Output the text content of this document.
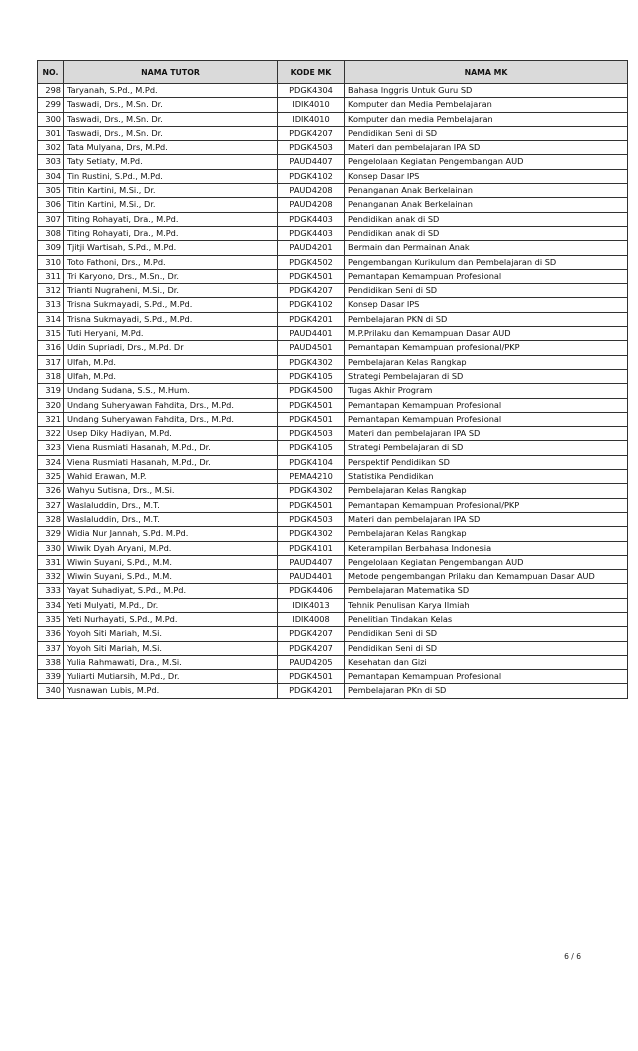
NO.	NAMA TUTOR	KODE MK	NAMA MK
298	Taryanah, S.Pd., M.Pd.	PDGK4304	Bahasa Inggris Untuk Guru SD
299	Taswadi, Drs., M.Sn. Dr.	IDIK4010	Komputer dan Media Pembelajaran
300	Taswadi, Drs., M.Sn. Dr.	IDIK4010	Komputer dan media Pembelajaran
301	Taswadi, Drs., M.Sn. Dr.	PDGK4207	Pendidikan Seni di SD
302	Tata Mulyana, Drs, M.Pd.	PDGK4503	Materi dan pembelajaran IPA SD
303	Taty Setiaty, M.Pd.	PAUD4407	Pengelolaan Kegiatan Pengembangan AUD
304	Tin Rustini, S.Pd., M.Pd.	PDGK4102	Konsep Dasar IPS
305	Titin Kartini, M.Si., Dr.	PAUD4208	Penanganan Anak Berkelainan
306	Titin Kartini, M.Si., Dr.	PAUD4208	Penanganan Anak Berkelainan
307	Titing Rohayati, Dra., M.Pd.	PDGK4403	Pendidikan anak di SD
308	Titing Rohayati, Dra., M.Pd.	PDGK4403	Pendidikan anak di SD
309	Tjitji Wartisah, S.Pd., M.Pd.	PAUD4201	Bermain dan Permainan Anak
310	Toto Fathoni, Drs., M.Pd.	PDGK4502	Pengembangan Kurikulum dan Pembelajaran di SD
311	Tri Karyono, Drs., M.Sn., Dr.	PDGK4501	Pemantapan Kemampuan Profesional
312	Trianti Nugraheni, M.Si., Dr.	PDGK4207	Pendidikan Seni di SD
313	Trisna Sukmayadi, S.Pd., M.Pd.	PDGK4102	Konsep Dasar IPS
314	Trisna Sukmayadi, S.Pd., M.Pd.	PDGK4201	Pembelajaran PKN di SD
315	Tuti Heryani, M.Pd.	PAUD4401	M.P.Prilaku dan Kemampuan Dasar AUD
316	Udin Supriadi, Drs., M.Pd. Dr	PAUD4501	Pemantapan Kemampuan profesional/PKP
317	Ulfah, M.Pd.	PDGK4302	Pembelajaran Kelas Rangkap
318	Ulfah, M.Pd.	PDGK4105	Strategi Pembelajaran di SD
319	Undang Sudana, S.S., M.Hum.	PDGK4500	Tugas Akhir Program
320	Undang Suheryawan Fahdita, Drs., M.Pd.	PDGK4501	Pemantapan Kemampuan Profesional
321	Undang Suheryawan Fahdita, Drs., M.Pd.	PDGK4501	Pemantapan Kemampuan Profesional
322	Usep Diky Hadiyan, M.Pd.	PDGK4503	Materi dan pembelajaran IPA SD
323	Viena Rusmiati Hasanah, M.Pd., Dr.	PDGK4105	Strategi Pembelajaran di SD
324	Viena Rusmiati Hasanah, M.Pd., Dr.	PDGK4104	Perspektif Pendidikan SD
325	Wahid Erawan, M.P.	PEMA4210	Statistika Pendidikan
326	Wahyu Sutisna, Drs., M.Si.	PDGK4302	Pembelajaran Kelas Rangkap
327	Waslaluddin, Drs., M.T.	PDGK4501	Pemantapan Kemampuan Profesional/PKP
328	Waslaluddin, Drs., M.T.	PDGK4503	Materi dan pembelajaran IPA SD
329	Widia Nur Jannah, S.Pd. M.Pd.	PDGK4302	Pembelajaran Kelas Rangkap
330	Wiwik Dyah Aryani, M.Pd.	PDGK4101	Keterampilan Berbahasa Indonesia
331	Wiwin Suyani, S.Pd., M.M.	PAUD4407	Pengelolaan Kegiatan Pengembangan AUD
332	Wiwin Suyani, S.Pd., M.M.	PAUD4401	Metode pengembangan Prilaku dan Kemampuan Dasar AUD
333	Yayat Suhadiyat, S.Pd., M.Pd.	PDGK4406	Pembelajaran Matematika SD
334	Yeti Mulyati, M.Pd., Dr.	IDIK4013	Tehnik Penulisan Karya Ilmiah
335	Yeti Nurhayati, S.Pd., M.Pd.	IDIK4008	Penelitian Tindakan Kelas
336	Yoyoh Siti Mariah, M.Si.	PDGK4207	Pendidikan Seni di SD
337	Yoyoh Siti Mariah, M.Si.	PDGK4207	Pendidikan Seni di SD
338	Yulia Rahmawati, Dra., M.Si.	PAUD4205	Kesehatan dan Gizi
339	Yuliarti Mutiarsih, M.Pd., Dr.	PDGK4501	Pemantapan Kemampuan Profesional
340	Yusnawan Lubis, M.Pd.	PDGK4201	Pembelajaran PKn di SD
6 / 6
